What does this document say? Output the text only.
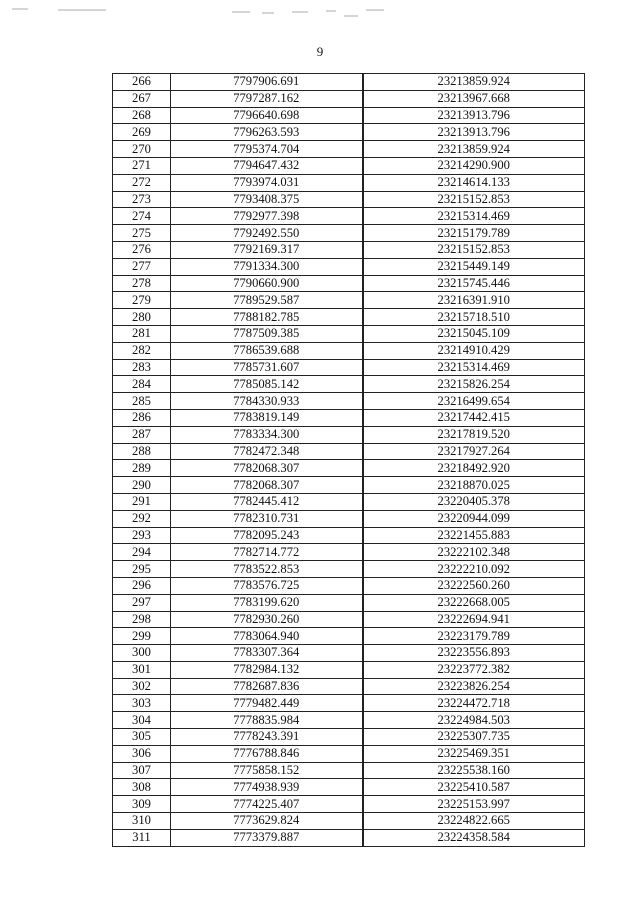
9
266	7797906.691	23213859.924
267	7797287.162	23213967.668
268	7796640.698	23213913.796
269	7796263.593	23213913.796
270	7795374.704	23213859.924
271	7794647.432	23214290.900
272	7793974.031	23214614.133
273	7793408.375	23215152.853
274	7792977.398	23215314.469
275	7792492.550	23215179.789
276	7792169.317	23215152.853
277	7791334.300	23215449.149
278	7790660.900	23215745.446
279	7789529.587	23216391.910
280	7788182.785	23215718.510
281	7787509.385	23215045.109
282	7786539.688	23214910.429
283	7785731.607	23215314.469
284	7785085.142	23215826.254
285	7784330.933	23216499.654
286	7783819.149	23217442.415
287	7783334.300	23217819.520
288	7782472.348	23217927.264
289	7782068.307	23218492.920
290	7782068.307	23218870.025
291	7782445.412	23220405.378
292	7782310.731	23220944.099
293	7782095.243	23221455.883
294	7782714.772	23222102.348
295	7783522.853	23222210.092
296	7783576.725	23222560.260
297	7783199.620	23222668.005
298	7782930.260	23222694.941
299	7783064.940	23223179.789
300	7783307.364	23223556.893
301	7782984.132	23223772.382
302	7782687.836	23223826.254
303	7779482.449	23224472.718
304	7778835.984	23224984.503
305	7778243.391	23225307.735
306	7776788.846	23225469.351
307	7775858.152	23225538.160
308	7774938.939	23225410.587
309	7774225.407	23225153.997
310	7773629.824	23224822.665
311	7773379.887	23224358.584
